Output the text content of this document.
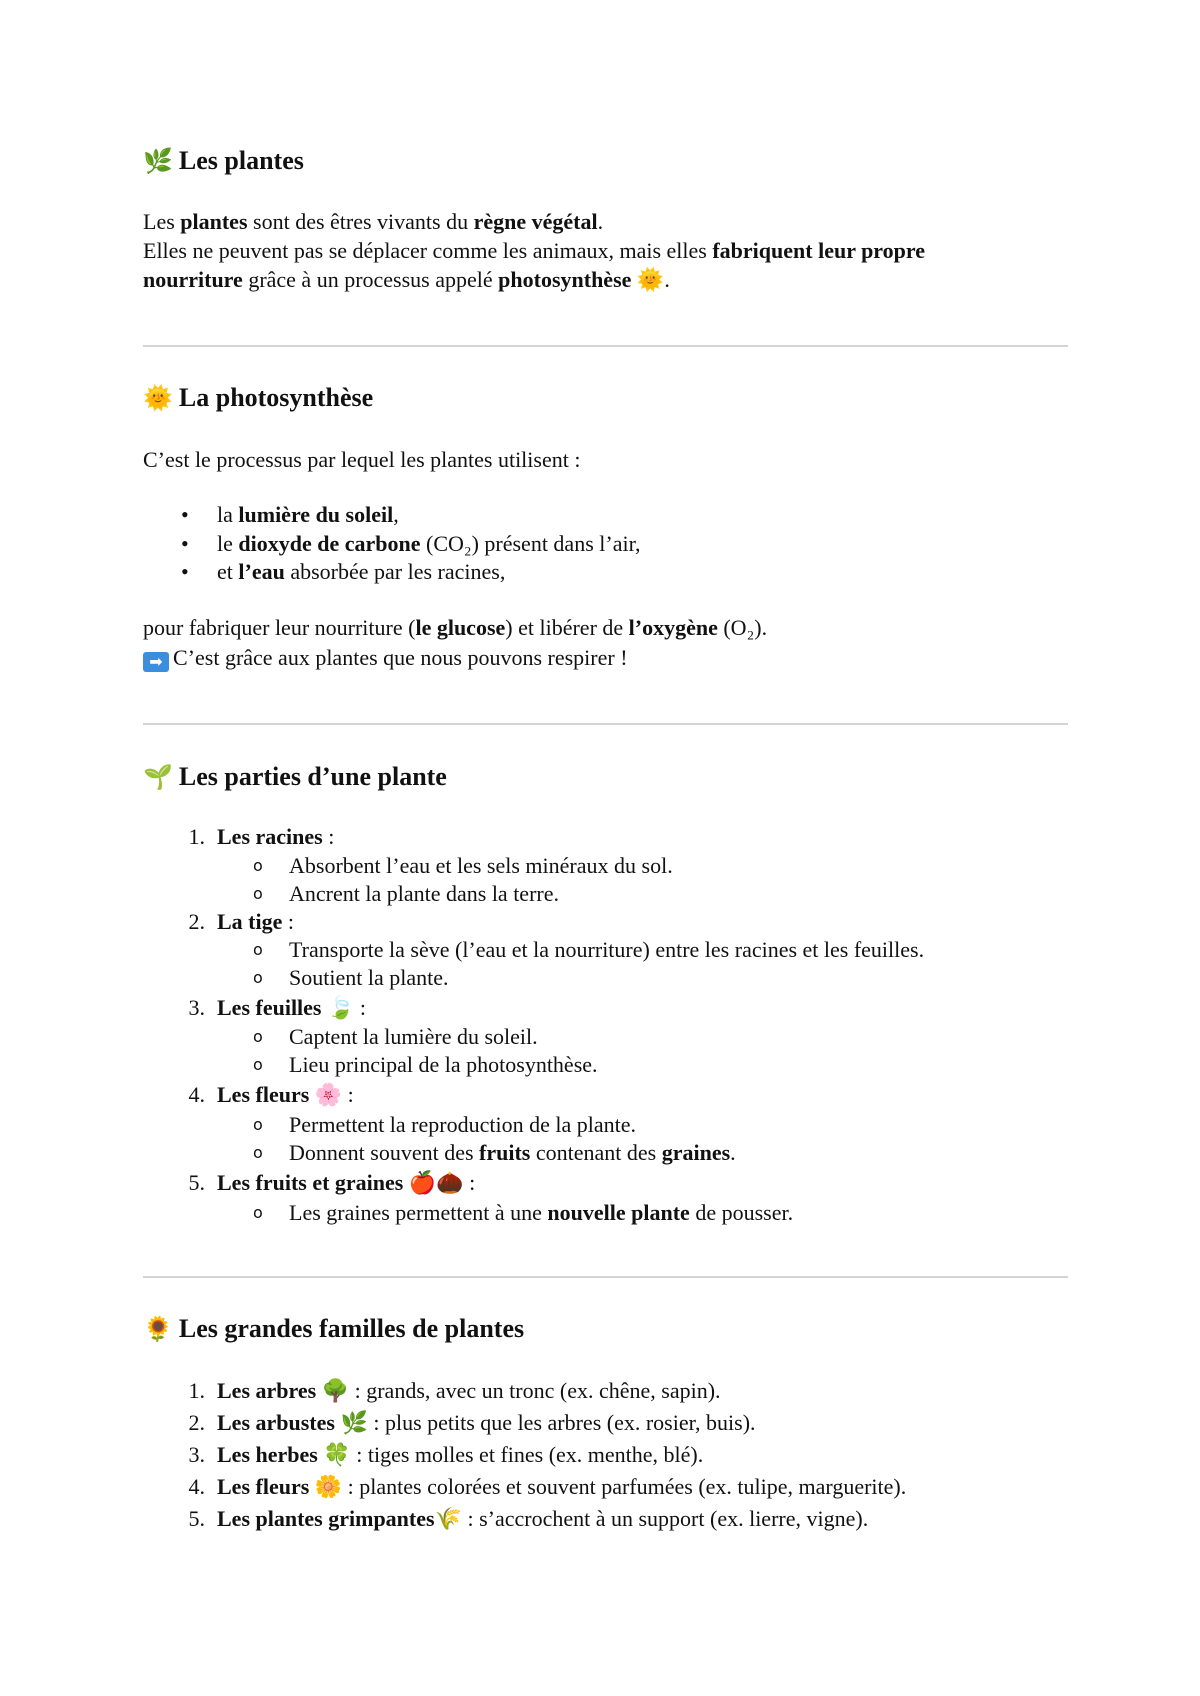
🌿 Les plantes
Les plantes sont des êtres vivants du règne végétal.
Elles ne peuvent pas se déplacer comme les animaux, mais elles fabriquent leur propre
nourriture grâce à un processus appelé photosynthèse 🌞.
🌞 La photosynthèse
C’est le processus par lequel les plantes utilisent :
• la lumière du soleil,
• le dioxyde de carbone (CO₂) présent dans l’air,
• et l’eau absorbée par les racines,
pour fabriquer leur nourriture (le glucose) et libérer de l’oxygène (O₂).
➡ C’est grâce aux plantes que nous pouvons respirer !
🌱 Les parties d’une plante
1. Les racines :
o Absorbent l’eau et les sels minéraux du sol.
o Ancrent la plante dans la terre.
2. La tige :
o Transporte la sève (l’eau et la nourriture) entre les racines et les feuilles.
o Soutient la plante.
3. Les feuilles 🍃 :
o Captent la lumière du soleil.
o Lieu principal de la photosynthèse.
4. Les fleurs 🌸 :
o Permettent la reproduction de la plante.
o Donnent souvent des fruits contenant des graines.
5. Les fruits et graines 🍎🌰 :
o Les graines permettent à une nouvelle plante de pousser.
🌻 Les grandes familles de plantes
1. Les arbres 🌳 : grands, avec un tronc (ex. chêne, sapin).
2. Les arbustes 🌿 : plus petits que les arbres (ex. rosier, buis).
3. Les herbes 🍀 : tiges molles et fines (ex. menthe, blé).
4. Les fleurs 🌼 : plantes colorées et souvent parfumées (ex. tulipe, marguerite).
5. Les plantes grimpantes🌾 : s’accrochent à un support (ex. lierre, vigne).
